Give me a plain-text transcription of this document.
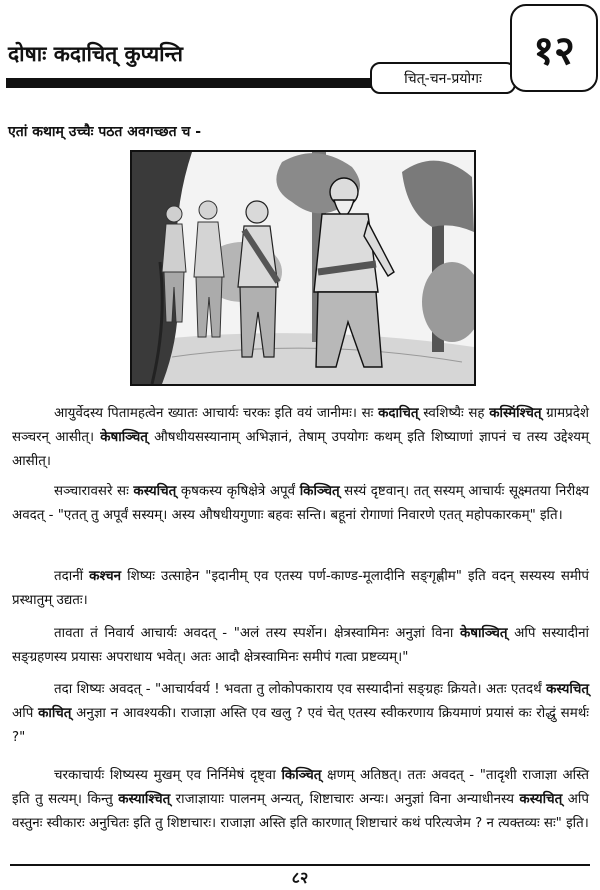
दोषाः कदाचित् कुप्यन्ति
चित्-चन-प्रयोगः
१२
एतां कथाम् उच्चैः पठत अवगच्छत च -
आयुर्वेदस्य पितामहत्वेन ख्यातः आचार्यः चरकः इति वयं जानीमः। सः कदाचित् स्वशिष्यैः सह कस्मिंश्चित् ग्रामप्रदेशे सञ्चरन् आसीत्। केषाञ्चित् औषधीयसस्यानाम् अभिज्ञानं, तेषाम् उपयोगः कथम् इति शिष्याणां ज्ञापनं च तस्य उद्देश्यम् आसीत्।
सञ्चारावसरे सः कस्यचित् कृषकस्य कृषिक्षेत्रे अपूर्वं किञ्चित् सस्यं दृष्टवान्। तत् सस्यम् आचार्यः सूक्ष्मतया निरीक्ष्य अवदत् - "एतत् तु अपूर्वं सस्यम्। अस्य औषधीयगुणाः बहवः सन्ति। बहूनां रोगाणां निवारणे एतत् महोपकारकम्" इति।
तदानीं कश्चन शिष्यः उत्साहेन "इदानीम् एव एतस्य पर्ण-काण्ड-मूलादीनि सङ्गृह्णीम" इति वदन् सस्यस्य समीपं प्रस्थातुम् उद्यतः।
तावता तं निवार्य आचार्यः अवदत् - "अलं तस्य स्पर्शेन। क्षेत्रस्वामिनः अनुज्ञां विना केषाञ्चित् अपि सस्यादीनां सङ्ग्रहणस्य प्रयासः अपराधाय भवेत्। अतः आदौ क्षेत्रस्वामिनः समीपं गत्वा प्रष्टव्यम्।"
तदा शिष्यः अवदत् - "आचार्यवर्य ! भवता तु लोकोपकाराय एव सस्यादीनां सङ्ग्रहः क्रियते। अतः एतदर्थं कस्यचित् अपि काचित् अनुज्ञा न आवश्यकी। राजाज्ञा अस्ति एव खलु ? एवं चेत् एतस्य स्वीकरणाय क्रियमाणं प्रयासं कः रोद्धुं समर्थः ?"
चरकाचार्यः शिष्यस्य मुखम् एव निर्निमेषं दृष्ट्वा किञ्चित् क्षणम् अतिष्ठत्। ततः अवदत् - "तादृशी राजाज्ञा अस्ति इति तु सत्यम्। किन्तु कस्याश्चित् राजाज्ञायाः पालनम् अन्यत्, शिष्टाचारः अन्यः। अनुज्ञां विना अन्याधीनस्य कस्यचित् अपि वस्तुनः स्वीकारः अनुचितः इति तु शिष्टाचारः। राजाज्ञा अस्ति इति कारणात् शिष्टाचारं कथं परित्यजेम ? न त्यक्तव्यः सः" इति।
८२
